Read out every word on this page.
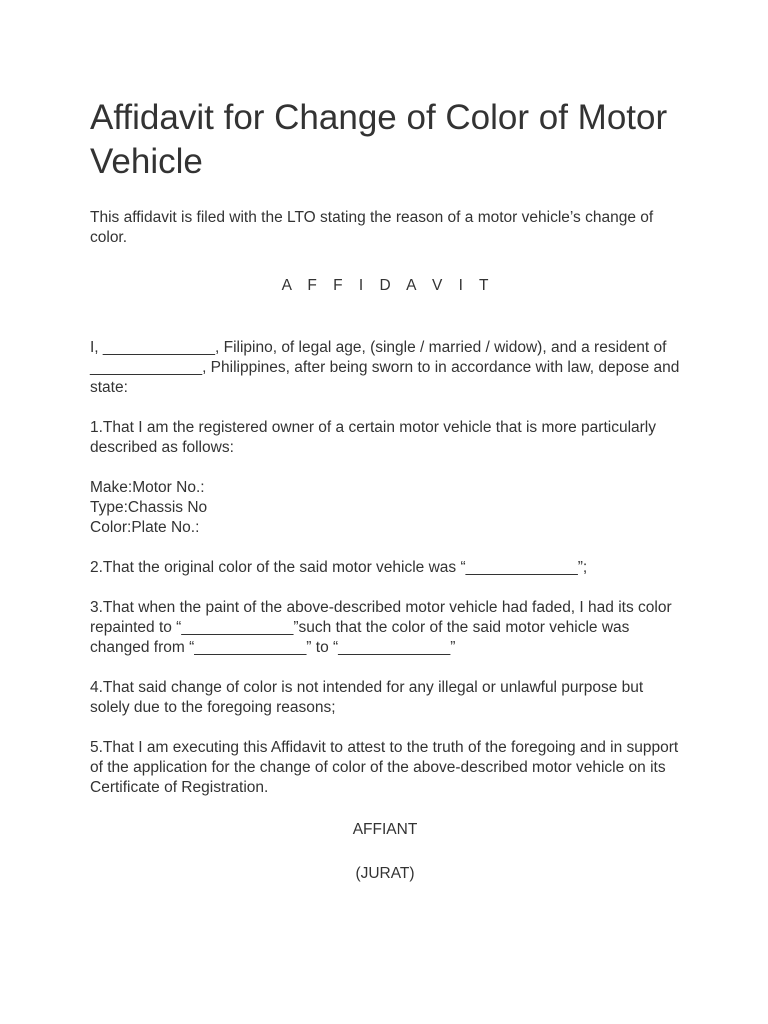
Affidavit for Change of Color of Motor Vehicle

This affidavit is filed with the LTO stating the reason of a motor vehicle’s change of color.

A F F I D A V I T

I, _____________, Filipino, of legal age, (single / married / widow), and a resident of _____________, Philippines, after being sworn to in accordance with law, depose and state:

1.That I am the registered owner of a certain motor vehicle that is more particularly described as follows:

Make:Motor No.:
Type:Chassis No
Color:Plate No.:

2.That the original color of the said motor vehicle was “_____________”;

3.That when the paint of the above-described motor vehicle had faded, I had its color repainted to “_____________”such that the color of the said motor vehicle was changed from “_____________” to “_____________”

4.That said change of color is not intended for any illegal or unlawful purpose but solely due to the foregoing reasons;

5.That I am executing this Affidavit to attest to the truth of the foregoing and in support of the application for the change of color of the above-described motor vehicle on its Certificate of Registration.

AFFIANT

(JURAT)
